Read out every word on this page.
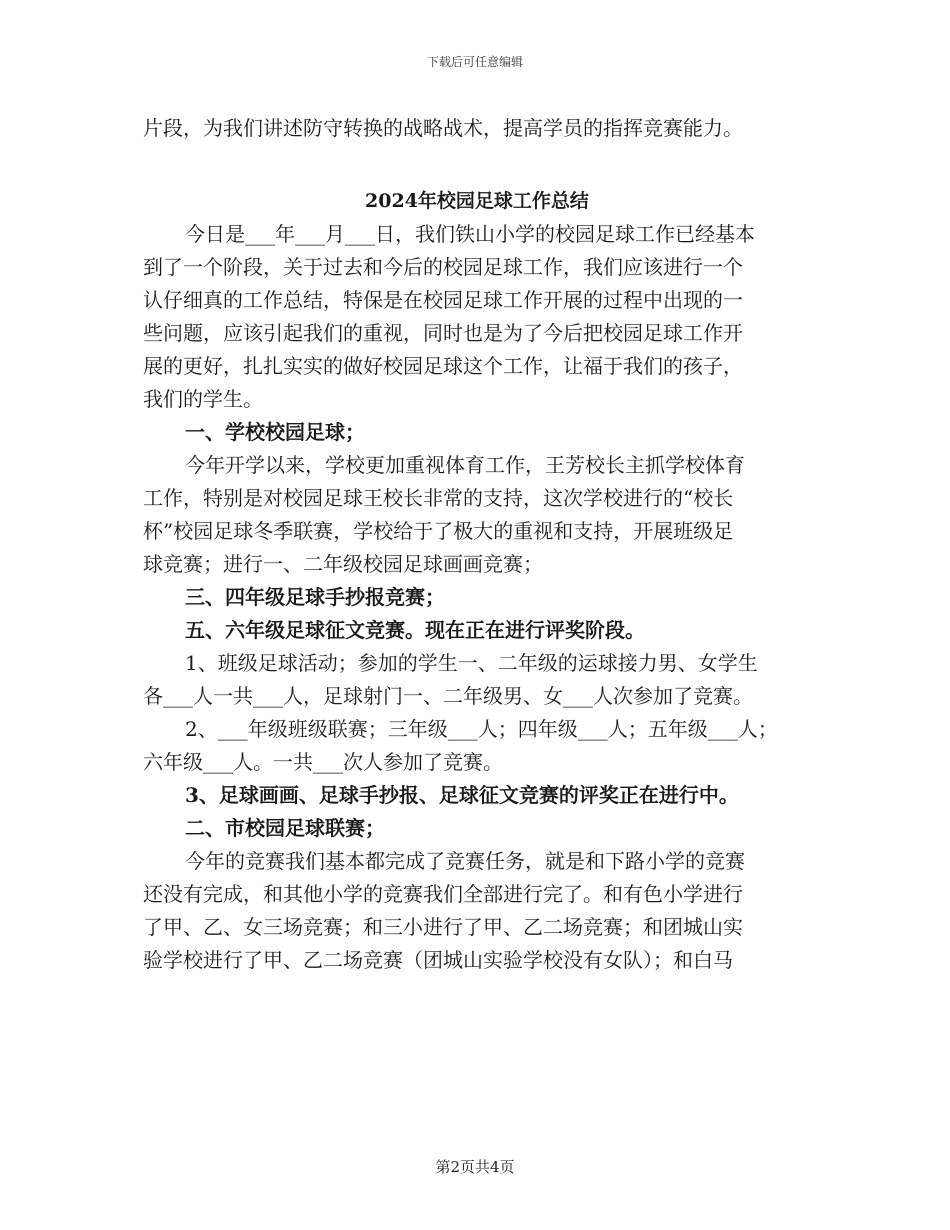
下载后可任意编辑
片段，为我们讲述防守转换的战略战术，提高学员的指挥竞赛能力。
2024年校园足球工作总结
今日是___年___月___日，我们铁山小学的校园足球工作已经基本
到了一个阶段，关于过去和今后的校园足球工作，我们应该进行一个
认仔细真的工作总结，特保是在校园足球工作开展的过程中出现的一
些问题，应该引起我们的重视，同时也是为了今后把校园足球工作开
展的更好，扎扎实实的做好校园足球这个工作，让福于我们的孩子，
我们的学生。
一、学校校园足球；
今年开学以来，学校更加重视体育工作，王芳校长主抓学校体育
工作，特别是对校园足球王校长非常的支持，这次学校进行的“校长
杯”校园足球冬季联赛，学校给于了极大的重视和支持，开展班级足
球竞赛；进行一、二年级校园足球画画竞赛；
三、四年级足球手抄报竞赛；
五、六年级足球征文竞赛。现在正在进行评奖阶段。
1、班级足球活动；参加的学生一、二年级的运球接力男、女学生
各___人一共___人，足球射门一、二年级男、女___人次参加了竞赛。
2、___年级班级联赛；三年级___人；四年级___人；五年级___人；
六年级___人。一共___次人参加了竞赛。
3、足球画画、足球手抄报、足球征文竞赛的评奖正在进行中。
二、市校园足球联赛；
今年的竞赛我们基本都完成了竞赛任务，就是和下路小学的竞赛
还没有完成，和其他小学的竞赛我们全部进行完了。和有色小学进行
了甲、乙、女三场竞赛；和三小进行了甲、乙二场竞赛；和团城山实
验学校进行了甲、乙二场竞赛（团城山实验学校没有女队）；和白马
第2页共4页
